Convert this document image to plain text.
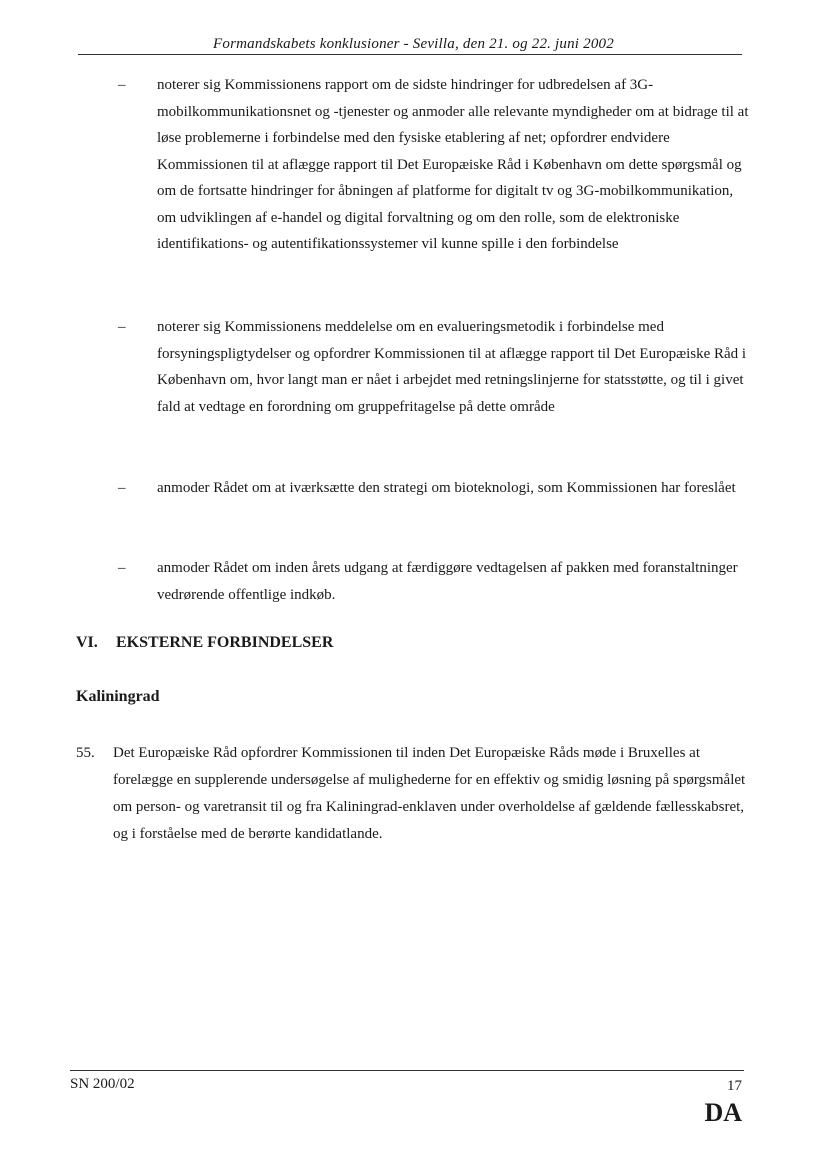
Formandskabets konklusioner - Sevilla, den 21. og 22. juni 2002
–	noterer sig Kommissionens rapport om de sidste hindringer for udbredelsen af 3G-mobilkommunikationsnet og -tjenester og anmoder alle relevante myndigheder om at bidrage til at løse problemerne i forbindelse med den fysiske etablering af net; opfordrer endvidere Kommissionen til at aflægge rapport til Det Europæiske Råd i København om dette spørgsmål og om de fortsatte hindringer for åbningen af platforme for digitalt tv og 3G-mobilkommunikation, om udviklingen af e-handel og digital forvaltning og om den rolle, som de elektroniske identifikations- og autentifikationssystemer vil kunne spille i den forbindelse

–	noterer sig Kommissionens meddelelse om en evalueringsmetodik i forbindelse med forsyningspligtydelser og opfordrer Kommissionen til at aflægge rapport til Det Europæiske Råd i København om, hvor langt man er nået i arbejdet med retningslinjerne for statsstøtte, og til i givet fald at vedtage en forordning om gruppefritagelse på dette område

–	anmoder Rådet om at iværksætte den strategi om bioteknologi, som Kommissionen har foreslået

–	anmoder Rådet om inden årets udgang at færdiggøre vedtagelsen af pakken med foranstaltninger vedrørende offentlige indkøb.

VI. EKSTERNE FORBINDELSER
Kaliningrad
55. Det Europæiske Råd opfordrer Kommissionen til inden Det Europæiske Råds møde i Bruxelles at forelægge en supplerende undersøgelse af mulighederne for en effektiv og smidig løsning på spørgsmålet om person- og varetransit til og fra Kaliningrad-enklaven under overholdelse af gældende fællesskabsret, og i forståelse med de berørte kandidatlande.

SN 200/02	17
DA
